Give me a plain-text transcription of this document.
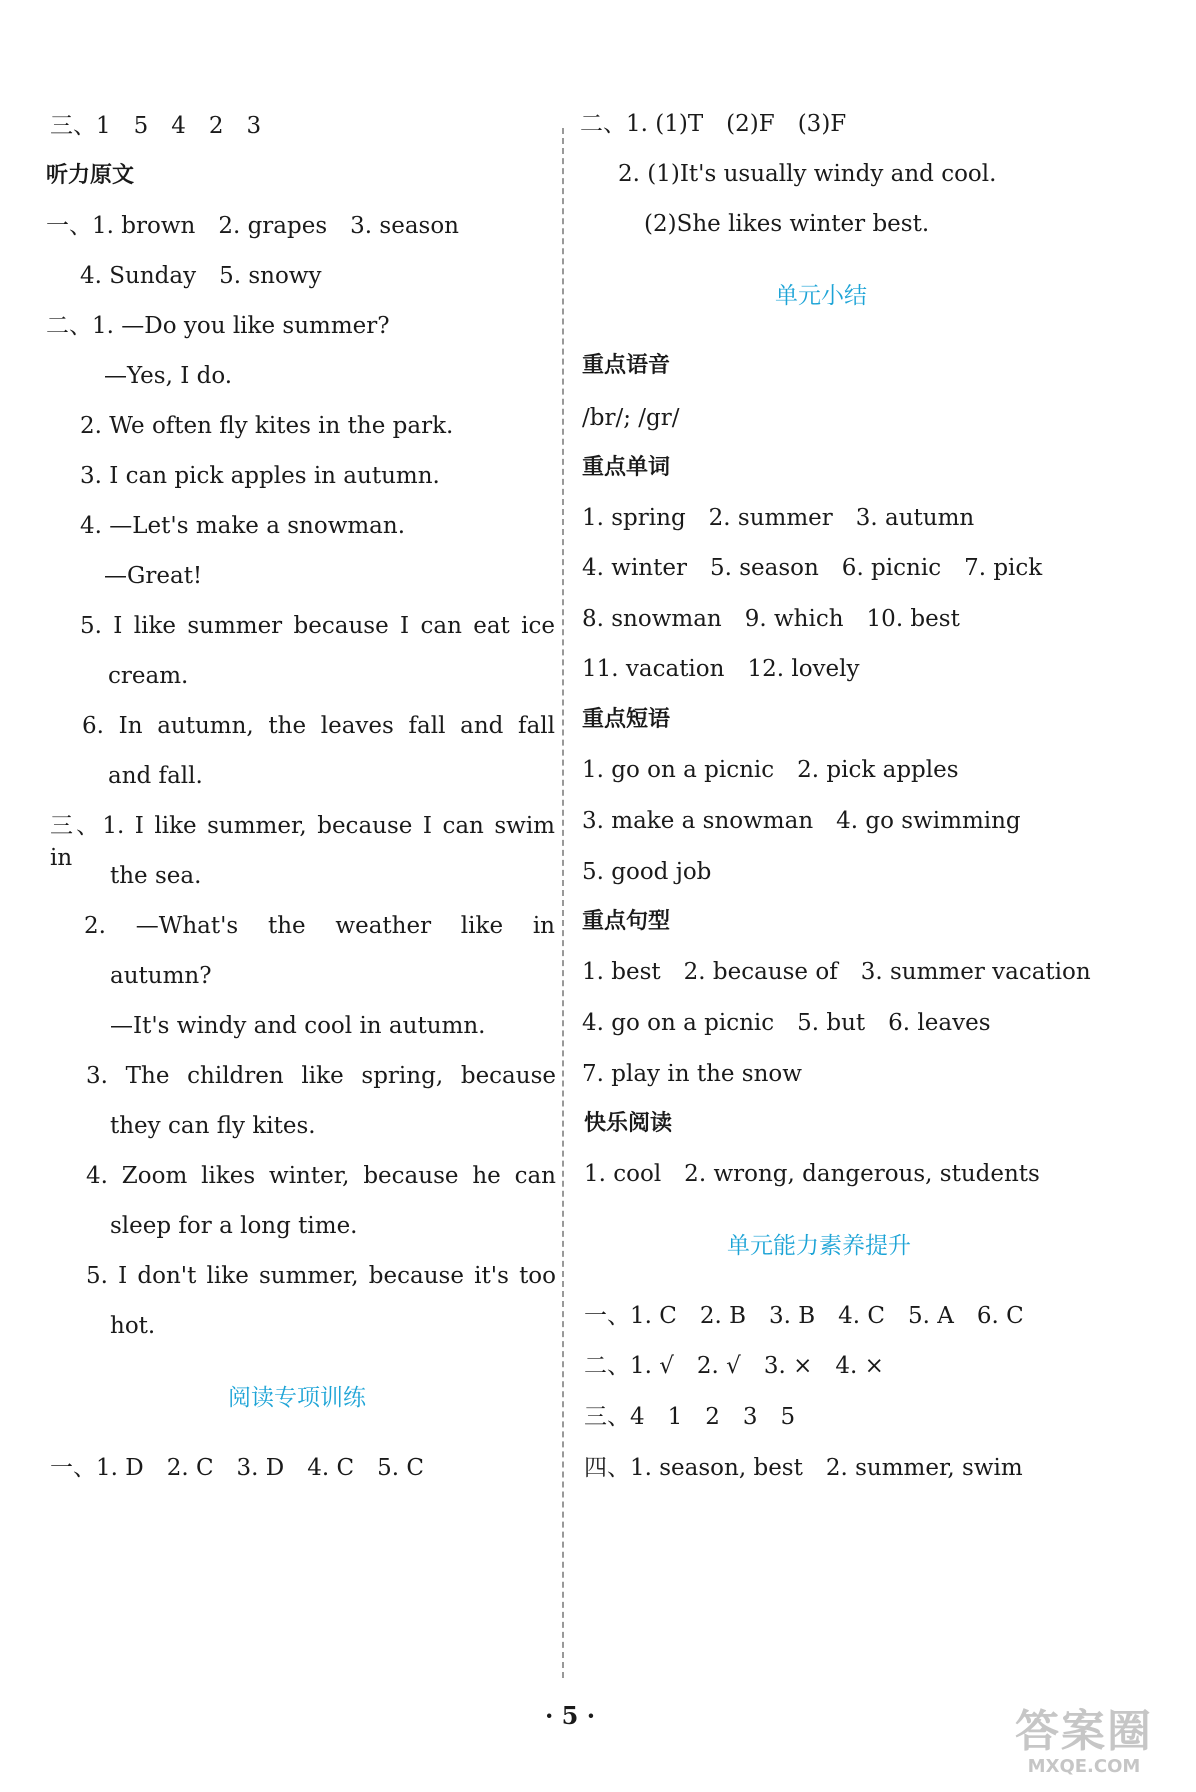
三、1　5　4　2　3
听力原文
一、1. brown　2. grapes　3. season
4. Sunday　5. snowy
二、1. —Do you like summer?
—Yes, I do.
2. We often fly kites in the park.
3. I can pick apples in autumn.
4. —Let's make a snowman.
—Great!
5. I like summer because I can eat ice
cream.
6. In autumn, the leaves fall and fall
and fall.
三、1. I like summer, because I can swim in
the sea.
2. —What's the weather like in
autumn?
—It's windy and cool in autumn.
3. The children like spring, because
they can fly kites.
4. Zoom likes winter, because he can
sleep for a long time.
5. I don't like summer, because it's too
hot.
阅读专项训练
一、1. D　2. C　3. D　4. C　5. C
二、1. (1)T　(2)F　(3)F
2. (1)It's usually windy and cool.
(2)She likes winter best.
单元小结
重点语音
/br/; /gr/
重点单词
1. spring　2. summer　3. autumn
4. winter　5. season　6. picnic　7. pick
8. snowman　9. which　10. best
11. vacation　12. lovely
重点短语
1. go on a picnic　2. pick apples
3. make a snowman　4. go swimming
5. good job
重点句型
1. best　2. because of　3. summer vacation
4. go on a picnic　5. but　6. leaves
7. play in the snow
快乐阅读
1. cool　2. wrong, dangerous, students
单元能力素养提升
一、1. C　2. B　3. B　4. C　5. A　6. C
二、1. √　2. √　3. ×　4. ×
三、4　1　2　3　5
四、1. season, best　2. summer, swim
· 5 ·	答案圈
MXQE.COM
